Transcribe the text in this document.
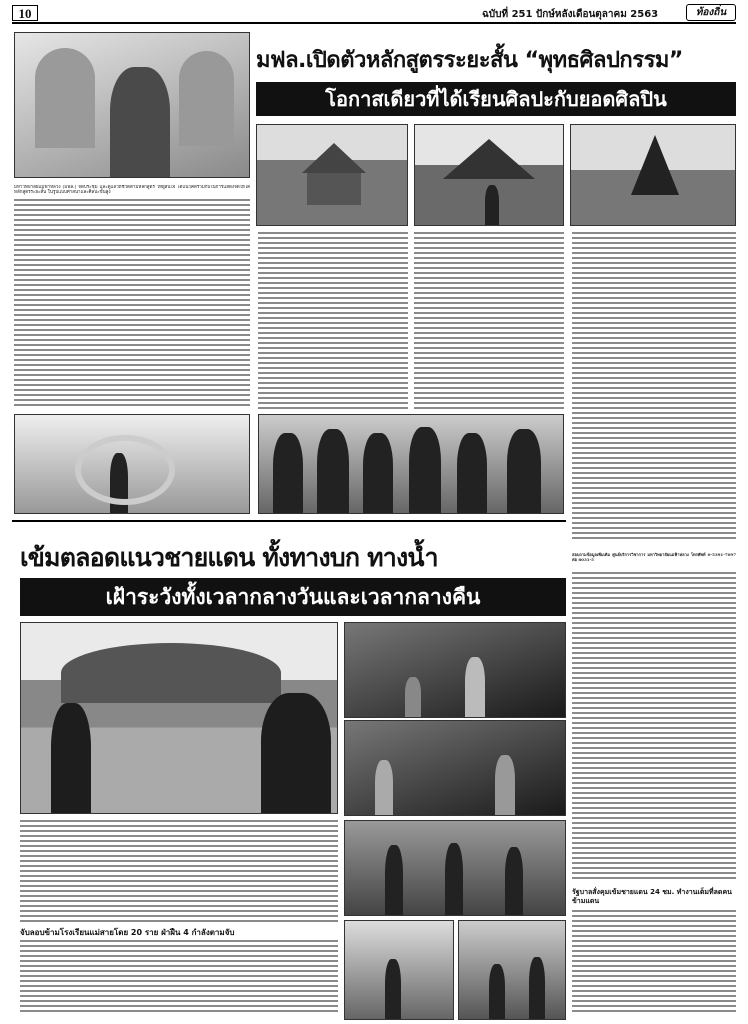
10	ฉบับที่ 251 ปักษ์หลังเดือนตุลาคม 2563	ท้องถิ่น
มฟล.เปิดตัวหลักสูตรระยะสั้น “พุทธศิลปกรรม”
โอกาสเดียวที่ได้เรียนศิลปะกับยอดศิลปิน
มหาวิทยาลัยแม่ฟ้าหลวง (มฟล.) จัดประชุม และดูแลวิถีชีวิตตามหลักสูตร ให้ผู้สนใจ ได้แนวคิดร่วมกับในการแสดงจัดให้ได้หลักสูตรระยะสั้น ในรูปแบบศาสนาและศิลปะขั้นสูง
สอบถามข้อมูลเพิ่มเติม ศูนย์บริการวิชาการ มหาวิทยาลัยแม่ฟ้าหลวง โทรศัพท์ 0-5391-7097 ต่อ 8031-5
เข้มตลอดแนวชายแดน ทั้งทางบก ทางน้ำ
เฝ้าระวังทั้งเวลากลางวันและเวลากลางคืน
จับลอบข้ามโรงเรียนแม่สายโดย 20 ราย ฝ่าฝืน 4 กำลังตามจับ
รัฐบาลสั่งคุมเข้มชายแดน 24 ชม. ทำงานเต็มที่ลดคนข้ามแดน
